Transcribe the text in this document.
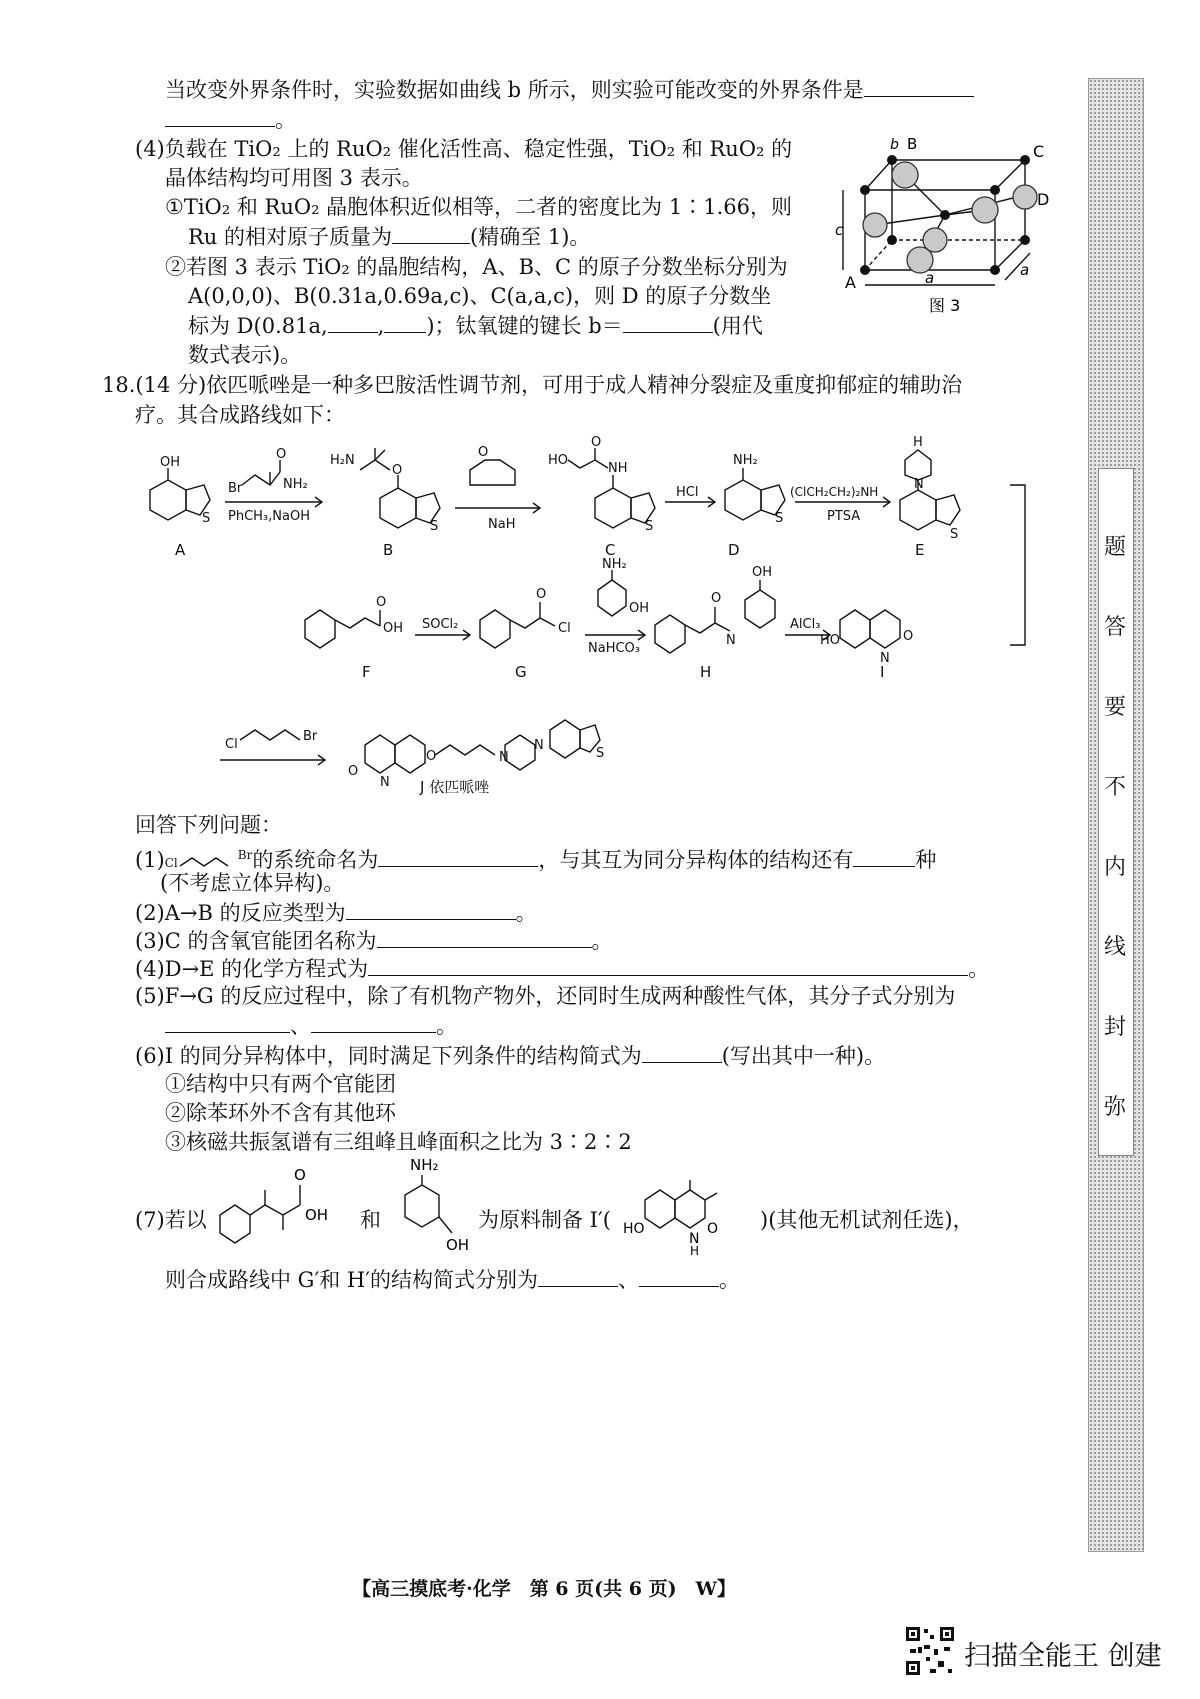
当改变外界条件时，实验数据如曲线 b 所示，则实验可能改变的外界条件是
。
(4)负载在 TiO₂ 上的 RuO₂ 催化活性高、稳定性强，TiO₂ 和 RuO₂ 的
晶体结构均可用图 3 表示。
①TiO₂ 和 RuO₂ 晶胞体积近似相等，二者的密度比为 1∶1.66，则
Ru 的相对原子质量为	(精确至 1)。
②若图 3 表示 TiO₂ 的晶胞结构，A、B、C 的原子分数坐标分别为
A(0,0,0)、B(0.31a,0.69a,c)、C(a,a,c)，则 D 的原子分数坐
标为 D(0.81a, , )；钛氧键的键长 b＝	(用代
数式表示)。
C
B
b
D
c
A	a	a
图 3
18.(14 分)依匹哌唑是一种多巴胺活性调节剂，可用于成人精神分裂症及重度抑郁症的辅助治
疗。其合成路线如下：
OH
S
Br	NH₂
O
PhCH₃,NaOH
H₂N
O
S
O
NaH
HO
O
NH
S
HCl
NH₂
S
(ClCH₂CH₂)₂NH
PTSA
H
N
S
O
OH SOCl₂
O
Cl
NH₂
OH
NaHCO₃
O
N
OH
AlCl₃
HO	O
N
Cl
Br
O
N
O	N
N
S
A	B	C	D	E
F	G	H	I
J 依匹哌唑
回答下列问题：
$(1)Cl^{Br}$的系统命名为	，与其互为同分异构体的结构还有	种
(不考虑立体异构)。
(2)A→B 的反应类型为	。
(3)C 的含氧官能团名称为	。
(4)D→E 的化学方程式为	。
(5)F→G 的反应过程中，除了有机物产物外，还同时生成两种酸性气体，其分子式分别为
、	。
(6)I 的同分异构体中，同时满足下列条件的结构简式为	(写出其中一种)。
①结构中只有两个官能团
②除苯环外不含有其他环
③核磁共振氢谱有三组峰且峰面积之比为 3∶2∶2
(7)若以
O
OH 和
NH₂
OH
为原料制备 I′( HO	O
N
H
)(其他无机试剂任选)，
则合成路线中 G′和 H′的结构简式分别为	、	。
弥
封
线
内
不
要
答
题
【高三摸底考·化学　第 6 页(共 6 页)　W】
扫描全能王 创建
